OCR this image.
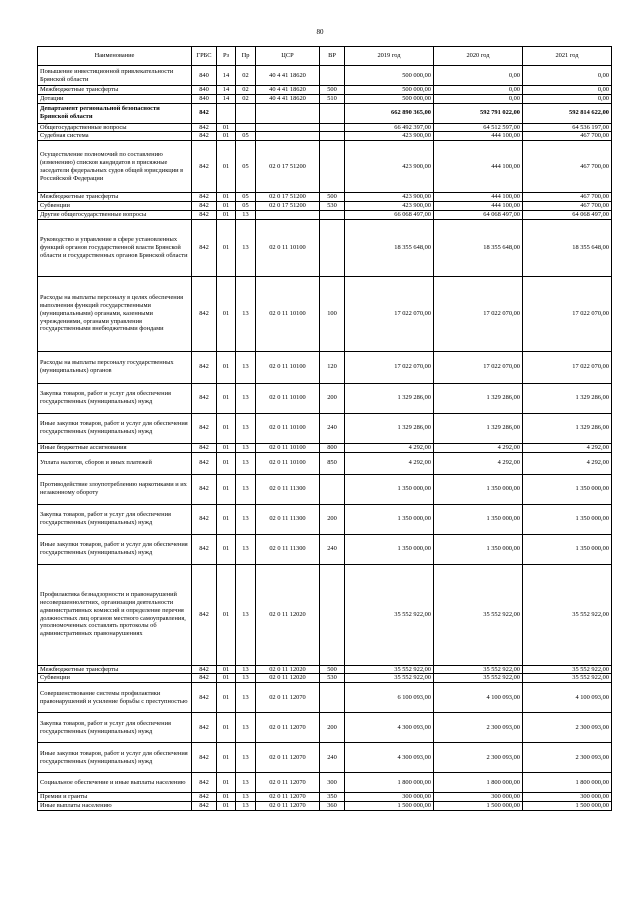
80
Наименование	ГРБС	Рз	Пр	ЦСР	ВР	2019 год	2020 год	2021 год
Повышение инвестиционной привлекательности Брянской области	840	14	02	40 4 41 18620		500 000,00	0,00	0,00
Межбюджетные трансферты	840	14	02	40 4 41 18620	500	500 000,00	0,00	0,00
Дотации	840	14	02	40 4 41 18620	510	500 000,00	0,00	0,00
Департамент региональной безопасности Брянской области	842					662 890 365,00	592 791 022,00	592 814 622,00
Общегосударственные вопросы	842	01				66 492 397,00	64 512 597,00	64 536 197,00
Судебная система	842	01	05			423 900,00	444 100,00	467 700,00
Осуществление полномочий по составлению (изменению) списков кандидатов в присяжные заседатели федеральных судов общей юрисдикции в Российской Федерации	842	01	05	02 0 17 51200		423 900,00	444 100,00	467 700,00
Межбюджетные трансферты	842	01	05	02 0 17 51200	500	423 900,00	444 100,00	467 700,00
Субвенции	842	01	05	02 0 17 51200	530	423 900,00	444 100,00	467 700,00
Другие общегосударственные вопросы	842	01	13			66 068 497,00	64 068 497,00	64 068 497,00
Руководство и управление в сфере установленных функций органов государственной власти Брянской области и государственных органов Брянской области	842	01	13	02 0 11 10100		18 355 648,00	18 355 648,00	18 355 648,00
Расходы на выплаты персоналу в целях обеспечения выполнения функций государственными (муниципальными) органами, казенными учреждениями, органами управления государственными внебюджетными фондами	842	01	13	02 0 11 10100	100	17 022 070,00	17 022 070,00	17 022 070,00
Расходы на выплаты персоналу государственных (муниципальных) органов	842	01	13	02 0 11 10100	120	17 022 070,00	17 022 070,00	17 022 070,00
Закупка товаров, работ и услуг для обеспечения государственных (муниципальных) нужд	842	01	13	02 0 11 10100	200	1 329 286,00	1 329 286,00	1 329 286,00
Иные закупки товаров, работ и услуг для обеспечения государственных (муниципальных) нужд	842	01	13	02 0 11 10100	240	1 329 286,00	1 329 286,00	1 329 286,00
Иные бюджетные ассигнования	842	01	13	02 0 11 10100	800	4 292,00	4 292,00	4 292,00
Уплата налогов, сборов и иных платежей	842	01	13	02 0 11 10100	850	4 292,00	4 292,00	4 292,00
Противодействие злоупотреблению наркотиками и их незаконному обороту	842	01	13	02 0 11 11300		1 350 000,00	1 350 000,00	1 350 000,00
Закупка товаров, работ и услуг для обеспечения государственных (муниципальных) нужд	842	01	13	02 0 11 11300	200	1 350 000,00	1 350 000,00	1 350 000,00
Иные закупки товаров, работ и услуг для обеспечения государственных (муниципальных) нужд	842	01	13	02 0 11 11300	240	1 350 000,00	1 350 000,00	1 350 000,00
Профилактика безнадзорности и правонарушений несовершеннолетних, организация деятельности административных комиссий и определение перечня должностных лиц органов местного самоуправления, уполномоченных составлять протоколы об административных правонарушениях	842	01	13	02 0 11 12020		35 552 922,00	35 552 922,00	35 552 922,00
Межбюджетные трансферты	842	01	13	02 0 11 12020	500	35 552 922,00	35 552 922,00	35 552 922,00
Субвенции	842	01	13	02 0 11 12020	530	35 552 922,00	35 552 922,00	35 552 922,00
Совершенствование системы профилактики правонарушений и усиление борьбы с преступностью	842	01	13	02 0 11 12070		6 100 093,00	4 100 093,00	4 100 093,00
Закупка товаров, работ и услуг для обеспечения государственных (муниципальных) нужд	842	01	13	02 0 11 12070	200	4 300 093,00	2 300 093,00	2 300 093,00
Иные закупки товаров, работ и услуг для обеспечения государственных (муниципальных) нужд	842	01	13	02 0 11 12070	240	4 300 093,00	2 300 093,00	2 300 093,00
Социальное обеспечение и иные выплаты населению	842	01	13	02 0 11 12070	300	1 800 000,00	1 800 000,00	1 800 000,00
Премии и гранты	842	01	13	02 0 11 12070	350	300 000,00	300 000,00	300 000,00
Иные выплаты населению	842	01	13	02 0 11 12070	360	1 500 000,00	1 500 000,00	1 500 000,00
